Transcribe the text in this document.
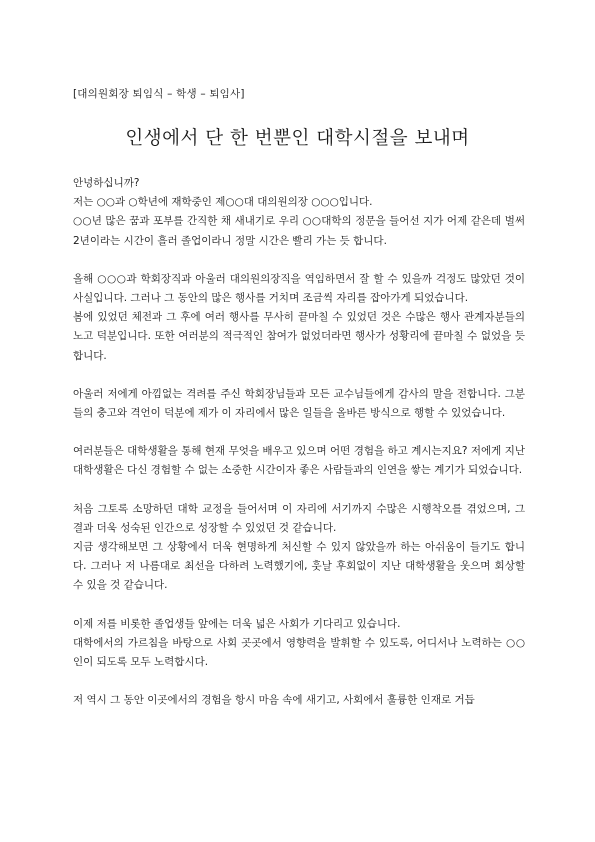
[대의원회장 퇴임식 – 학생 – 퇴임사]
인생에서 단 한 번뿐인 대학시절을 보내며

안녕하십니까?

저는 ○○과 ○학년에 재학중인 제○○대 대의원의장 ○○○입니다.

○○년 많은 꿈과 포부를 간직한 채 새내기로 우리 ○○대학의 정문을 들어선 지가 어제 같은데 벌써 2년이라는 시간이 흘러 졸업이라니 정말 시간은 빨리 가는 듯 합니다.

올해 ○○○과 학회장직과 아울러 대의원의장직을 역임하면서 잘 할 수 있을까 걱정도 많았던 것이 사실입니다. 그러나 그 동안의 많은 행사를 거치며 조금씩 자리를 잡아가게 되었습니다.

봄에 있었던 체전과 그 후에 여러 행사를 무사히 끝마칠 수 있었던 것은 수많은 행사 관계자분들의 노고 덕분입니다. 또한 여러분의 적극적인 참여가 없었더라면 행사가 성황리에 끝마칠 수 없었을 듯 합니다.

아울러 저에게 아낌없는 격려를 주신 학회장님들과 모든 교수님들에게 감사의 말을 전합니다. 그분들의 충고와 격언이 덕분에 제가 이 자리에서 많은 일들을 올바른 방식으로 행할 수 있었습니다.

여러분들은 대학생활을 통해 현재 무엇을 배우고 있으며 어떤 경험을 하고 계시는지요? 저에게 지난 대학생활은 다신 경험할 수 없는 소중한 시간이자 좋은 사람들과의 인연을 쌓는 계기가 되었습니다.

처음 그토록 소망하던 대학 교정을 들어서며 이 자리에 서기까지 수많은 시행착오를 겪었으며, 그 결과 더욱 성숙된 인간으로 성장할 수 있었던 것 같습니다.

지금 생각해보면 그 상황에서 더욱 현명하게 처신할 수 있지 않았을까 하는 아쉬움이 들기도 합니다. 그러나 저 나름대로 최선을 다하려 노력했기에, 훗날 후회없이 지난 대학생활을 웃으며 회상할 수 있을 것 같습니다.

이제 저를 비롯한 졸업생들 앞에는 더욱 넓은 사회가 기다리고 있습니다.

대학에서의 가르침을 바탕으로 사회 곳곳에서 영향력을 발휘할 수 있도록, 어디서나 노력하는 ○○인이 되도록 모두 노력합시다.

저 역시 그 동안 이곳에서의 경험을 항시 마음 속에 새기고, 사회에서 훌륭한 인재로 거듭
